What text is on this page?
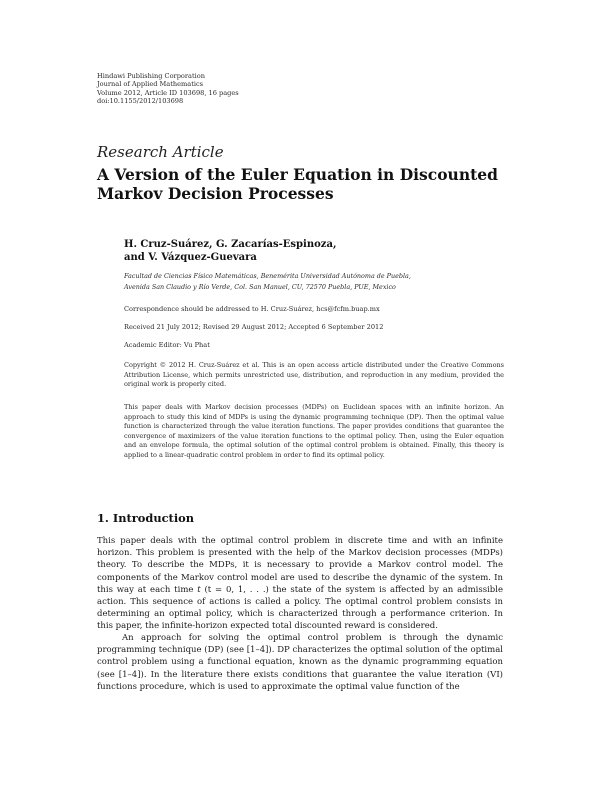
Hindawi Publishing Corporation
Journal of Applied Mathematics
Volume 2012, Article ID 103698, 16 pages
doi:10.1155/2012/103698
Research Article
A Version of the Euler Equation in Discounted
Markov Decision Processes
H. Cruz-Suárez, G. Zacarías-Espinoza,
and V. Vázquez-Guevara
Facultad de Ciencias Físico Matemáticas, Benemérita Universidad Autónoma de Puebla,
Avenida San Claudio y Río Verde, Col. San Manuel, CU, 72570 Puebla, PUE, Mexico
Correspondence should be addressed to H. Cruz-Suárez, hcs@fcfm.buap.mx
Received 21 July 2012; Revised 29 August 2012; Accepted 6 September 2012
Academic Editor: Vu Phat
Copyright © 2012 H. Cruz-Suárez et al. This is an open access article distributed under the Creative Commons Attribution License, which permits unrestricted use, distribution, and reproduction in any medium, provided the original work is properly cited.
This paper deals with Markov decision processes (MDPs) on Euclidean spaces with an infinite horizon. An approach to study this kind of MDPs is using the dynamic programming technique (DP). Then the optimal value function is characterized through the value iteration functions. The paper provides conditions that guarantee the convergence of maximizers of the value iteration functions to the optimal policy. Then, using the Euler equation and an envelope formula, the optimal solution of the optimal control problem is obtained. Finally, this theory is applied to a linear-quadratic control problem in order to find its optimal policy.
1. Introduction
This paper deals with the optimal control problem in discrete time and with an infinite horizon. This problem is presented with the help of the Markov decision processes (MDPs) theory. To describe the MDPs, it is necessary to provide a Markov control model. The components of the Markov control model are used to describe the dynamic of the system. In this way at each time t (t = 0, 1, . . .) the state of the system is affected by an admissible action. This sequence of actions is called a policy. The optimal control problem consists in determining an optimal policy, which is characterized through a performance criterion. In this paper, the infinite-horizon expected total discounted reward is considered.
An approach for solving the optimal control problem is through the dynamic programming technique (DP) (see [1–4]). DP characterizes the optimal solution of the optimal control problem using a functional equation, known as the dynamic programming equation (see [1–4]). In the literature there exists conditions that guarantee the value iteration (VI) functions procedure, which is used to approximate the optimal value function of the
